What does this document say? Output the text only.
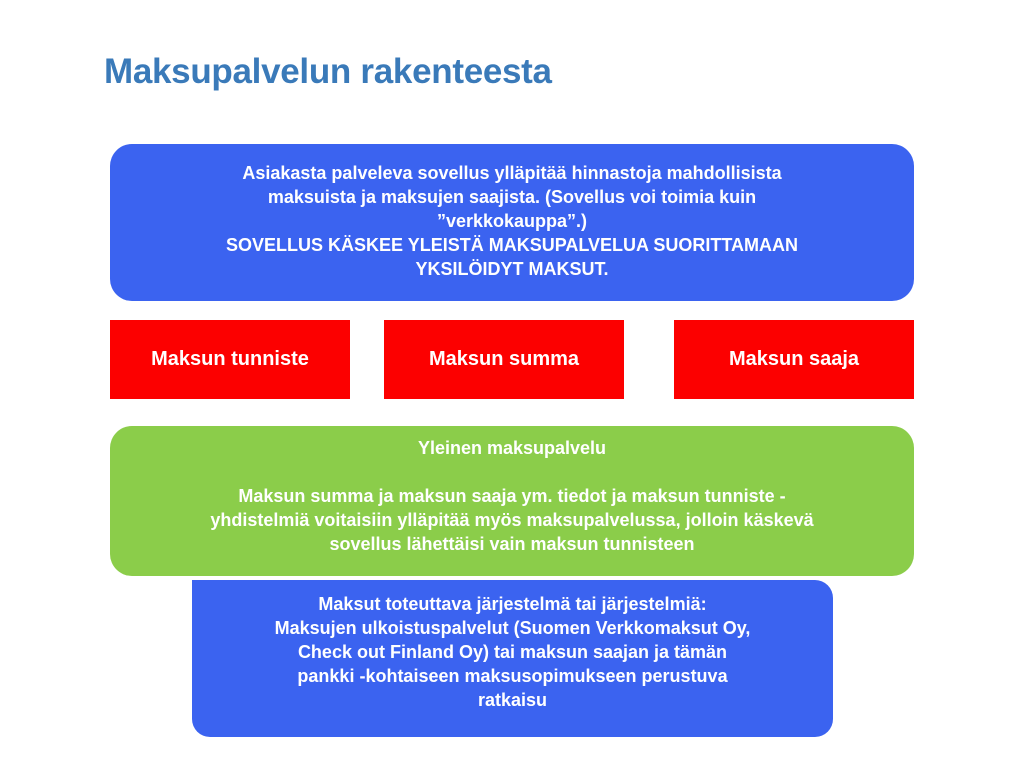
Maksupalvelun rakenteesta
Asiakasta palveleva sovellus ylläpitää hinnastoja mahdollisista
maksuista ja maksujen saajista. (Sovellus voi toimia kuin
”verkkokauppa”.)
SOVELLUS KÄSKEE YLEISTÄ MAKSUPALVELUA SUORITTAMAAN
YKSILÖIDYT MAKSUT.
Maksun tunniste	Maksun summa	Maksun saaja
Yleinen maksupalvelu
Maksun summa ja maksun saaja ym. tiedot ja maksun tunniste -
yhdistelmiä voitaisiin ylläpitää myös maksupalvelussa, jolloin käskevä
sovellus lähettäisi vain maksun tunnisteen
Maksut toteuttava järjestelmä tai järjestelmiä:
Maksujen ulkoistuspalvelut (Suomen Verkkomaksut Oy,
Check out Finland Oy) tai maksun saajan ja tämän
pankki -kohtaiseen maksusopimukseen perustuva
ratkaisu
